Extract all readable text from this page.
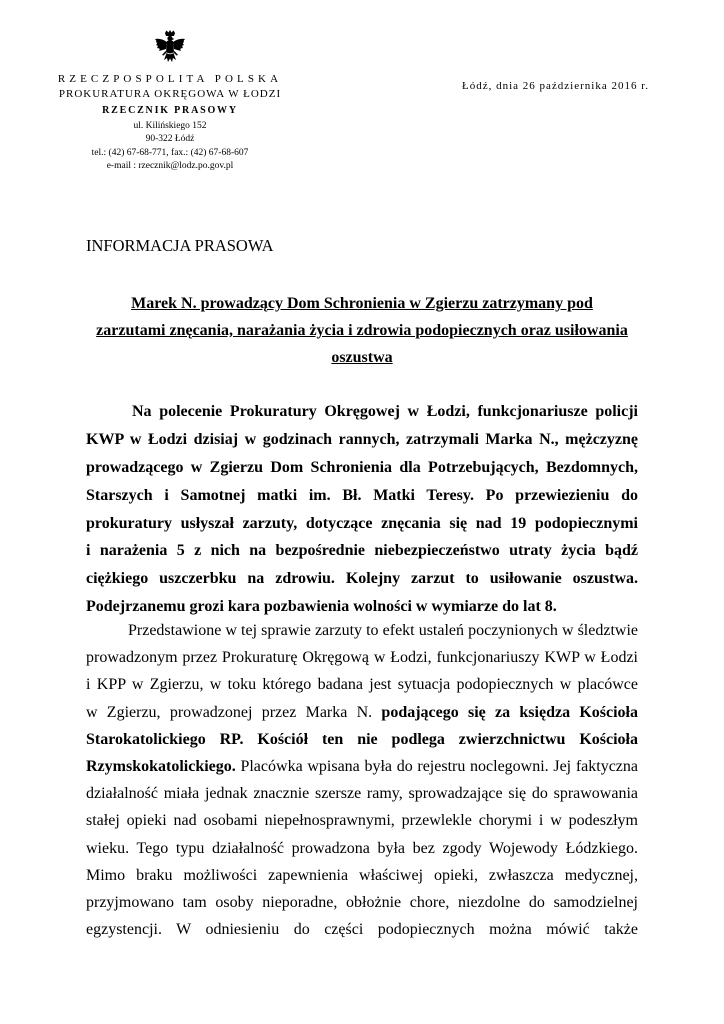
RZECZPOSPOLITA POLSKA
PROKURATURA OKRĘGOWA W ŁODZI
RZECZNIK PRASOWY
ul. Kilińskiego 152
90-322 Łódź
tel.: (42) 67-68-771, fax.: (42) 67-68-607
e-mail : rzecznik@lodz.po.gov.pl
Łódź, dnia 26 października 2016 r.
INFORMACJA PRASOWA
Marek N. prowadzący Dom Schronienia w Zgierzu zatrzymany pod
zarzutami znęcania, narażania życia i zdrowia podopiecznych oraz usiłowania
oszustwa
Na polecenie Prokuratury Okręgowej w Łodzi, funkcjonariusze policji
KWP w Łodzi dzisiaj w godzinach rannych, zatrzymali Marka N., mężczyznę
prowadzącego w Zgierzu Dom Schronienia dla Potrzebujących, Bezdomnych,
Starszych i Samotnej matki im. Bł. Matki Teresy. Po przewiezieniu do
prokuratury usłyszał zarzuty, dotyczące znęcania się nad 19 podopiecznymi
i narażenia 5 z nich na bezpośrednie niebezpieczeństwo utraty życia bądź
ciężkiego uszczerbku na zdrowiu. Kolejny zarzut to usiłowanie oszustwa.
Podejrzanemu grozi kara pozbawienia wolności w wymiarze do lat 8.
Przedstawione w tej sprawie zarzuty to efekt ustaleń poczynionych w śledztwie
prowadzonym przez Prokuraturę Okręgową w Łodzi, funkcjonariuszy KWP w Łodzi
i KPP w Zgierzu, w toku którego badana jest sytuacja podopiecznych w placówce
w Zgierzu, prowadzonej przez Marka N. podającego się za księdza Kościoła
Starokatolickiego RP. Kościół ten nie podlega zwierzchnictwu Kościoła
Rzymskokatolickiego. Placówka wpisana była do rejestru noclegowni. Jej faktyczna
działalność miała jednak znacznie szersze ramy, sprowadzające się do sprawowania
stałej opieki nad osobami niepełnosprawnymi, przewlekle chorymi i w podeszłym
wieku. Tego typu działalność prowadzona była bez zgody Wojewody Łódzkiego.
Mimo braku możliwości zapewnienia właściwej opieki, zwłaszcza medycznej,
przyjmowano tam osoby nieporadne, obłożnie chore, niezdolne do samodzielnej
egzystencji. W odniesieniu do części podopiecznych można mówić także
